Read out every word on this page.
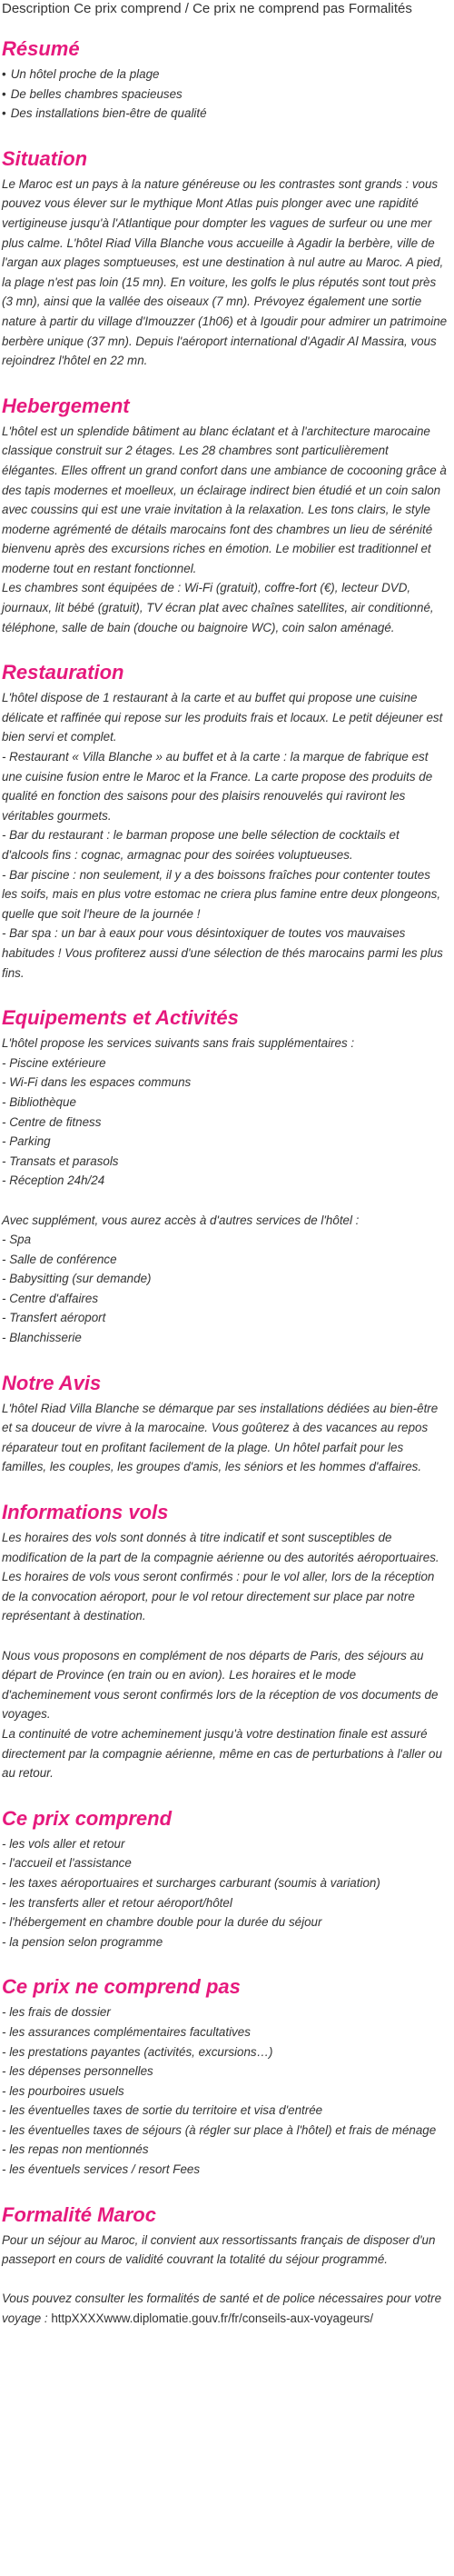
Description Ce prix comprend / Ce prix ne comprend pas Formalités
Résumé
• Un hôtel proche de la plage
• De belles chambres spacieuses
• Des installations bien-être de qualité
Situation
Le Maroc est un pays à la nature généreuse ou les contrastes sont grands : vous pouvez vous élever sur le mythique Mont Atlas puis plonger avec une rapidité vertigineuse jusqu'à l'Atlantique pour dompter les vagues de surfeur ou une mer plus calme. L'hôtel Riad Villa Blanche vous accueille à Agadir la berbère, ville de l'argan aux plages somptueuses, est une destination à nul autre au Maroc. A pied, la plage n'est pas loin (15 mn). En voiture, les golfs le plus réputés sont tout près (3 mn), ainsi que la vallée des oiseaux (7 mn). Prévoyez également une sortie nature à partir du village d'Imouzzer (1h06) et à Igoudir pour admirer un patrimoine berbère unique (37 mn). Depuis l'aéroport international d'Agadir Al Massira, vous rejoindrez l'hôtel en 22 mn.
Hebergement

L'hôtel est un splendide bâtiment au blanc éclatant et à l'architecture marocaine classique construit sur 2 étages. Les 28 chambres sont particulièrement élégantes. Elles offrent un grand confort dans une ambiance de cocooning grâce à des tapis modernes et moelleux, un éclairage indirect bien étudié et un coin salon avec coussins qui est une vraie invitation à la relaxation. Les tons clairs, le style moderne agrémenté de détails marocains font des chambres un lieu de sérénité bienvenu après des excursions riches en émotion. Le mobilier est traditionnel et moderne tout en restant fonctionnel.

Les chambres sont équipées de : Wi-Fi (gratuit), coffre-fort (€), lecteur DVD, journaux, lit bébé (gratuit), TV écran plat avec chaînes satellites, air conditionné, téléphone, salle de bain (douche ou baignoire WC), coin salon aménagé.

Restauration

L'hôtel dispose de 1 restaurant à la carte et au buffet qui propose une cuisine délicate et raffinée qui repose sur les produits frais et locaux. Le petit déjeuner est bien servi et complet.

- Restaurant « Villa Blanche » au buffet et à la carte : la marque de fabrique est une cuisine fusion entre le Maroc et la France. La carte propose des produits de qualité en fonction des saisons pour des plaisirs renouvelés qui raviront les véritables gourmets.

- Bar du restaurant : le barman propose une belle sélection de cocktails et d'alcools fins : cognac, armagnac pour des soirées voluptueuses.

- Bar piscine : non seulement, il y a des boissons fraîches pour contenter toutes les soifs, mais en plus votre estomac ne criera plus famine entre deux plongeons, quelle que soit l'heure de la journée !

- Bar spa : un bar à eaux pour vous désintoxiquer de toutes vos mauvaises habitudes ! Vous profiterez aussi d'une sélection de thés marocains parmi les plus fins.

Equipements et Activités
L'hôtel propose les services suivants sans frais supplémentaires :
- Piscine extérieure
- Wi-Fi dans les espaces communs
- Bibliothèque
- Centre de fitness
- Parking
- Transats et parasols
- Réception 24h/24
Avec supplément, vous aurez accès à d'autres services de l'hôtel :
- Spa
- Salle de conférence
- Babysitting (sur demande)
- Centre d'affaires
- Transfert aéroport
- Blanchisserie
Notre Avis
L'hôtel Riad Villa Blanche se démarque par ses installations dédiées au bien-être et sa douceur de vivre à la marocaine. Vous goûterez à des vacances au repos réparateur tout en profitant facilement de la plage. Un hôtel parfait pour les familles, les couples, les groupes d'amis, les séniors et les hommes d'affaires.
Informations vols

Les horaires des vols sont donnés à titre indicatif et sont susceptibles de modification de la part de la compagnie aérienne ou des autorités aéroportuaires.

Les horaires de vols vous seront confirmés : pour le vol aller, lors de la réception de la convocation aéroport, pour le vol retour directement sur place par notre représentant à destination.

Nous vous proposons en complément de nos départs de Paris, des séjours au départ de Province (en train ou en avion). Les horaires et le mode d'acheminement vous seront confirmés lors de la réception de vos documents de voyages.

La continuité de votre acheminement jusqu'à votre destination finale est assuré directement par la compagnie aérienne, même en cas de perturbations à l'aller ou au retour.

Ce prix comprend
- les vols aller et retour
- l'accueil et l'assistance
- les taxes aéroportuaires et surcharges carburant (soumis à variation)
- les transferts aller et retour aéroport/hôtel
- l'hébergement en chambre double pour la durée du séjour
- la pension selon programme
Ce prix ne comprend pas
- les frais de dossier
- les assurances complémentaires facultatives
- les prestations payantes (activités, excursions…)
- les dépenses personnelles
- les pourboires usuels
- les éventuelles taxes de sortie du territoire et visa d'entrée
- les éventuelles taxes de séjours (à régler sur place à l'hôtel) et frais de ménage
- les repas non mentionnés
- les éventuels services / resort Fees
Formalité Maroc

Pour un séjour au Maroc, il convient aux ressortissants français de disposer d'un passeport en cours de validité couvrant la totalité du séjour programmé.

Vous pouvez consulter les formalités de santé et de police nécessaires pour votre voyage : httpXXXXwww.diplomatie.gouv.fr/fr/conseils-aux-voyageurs/
